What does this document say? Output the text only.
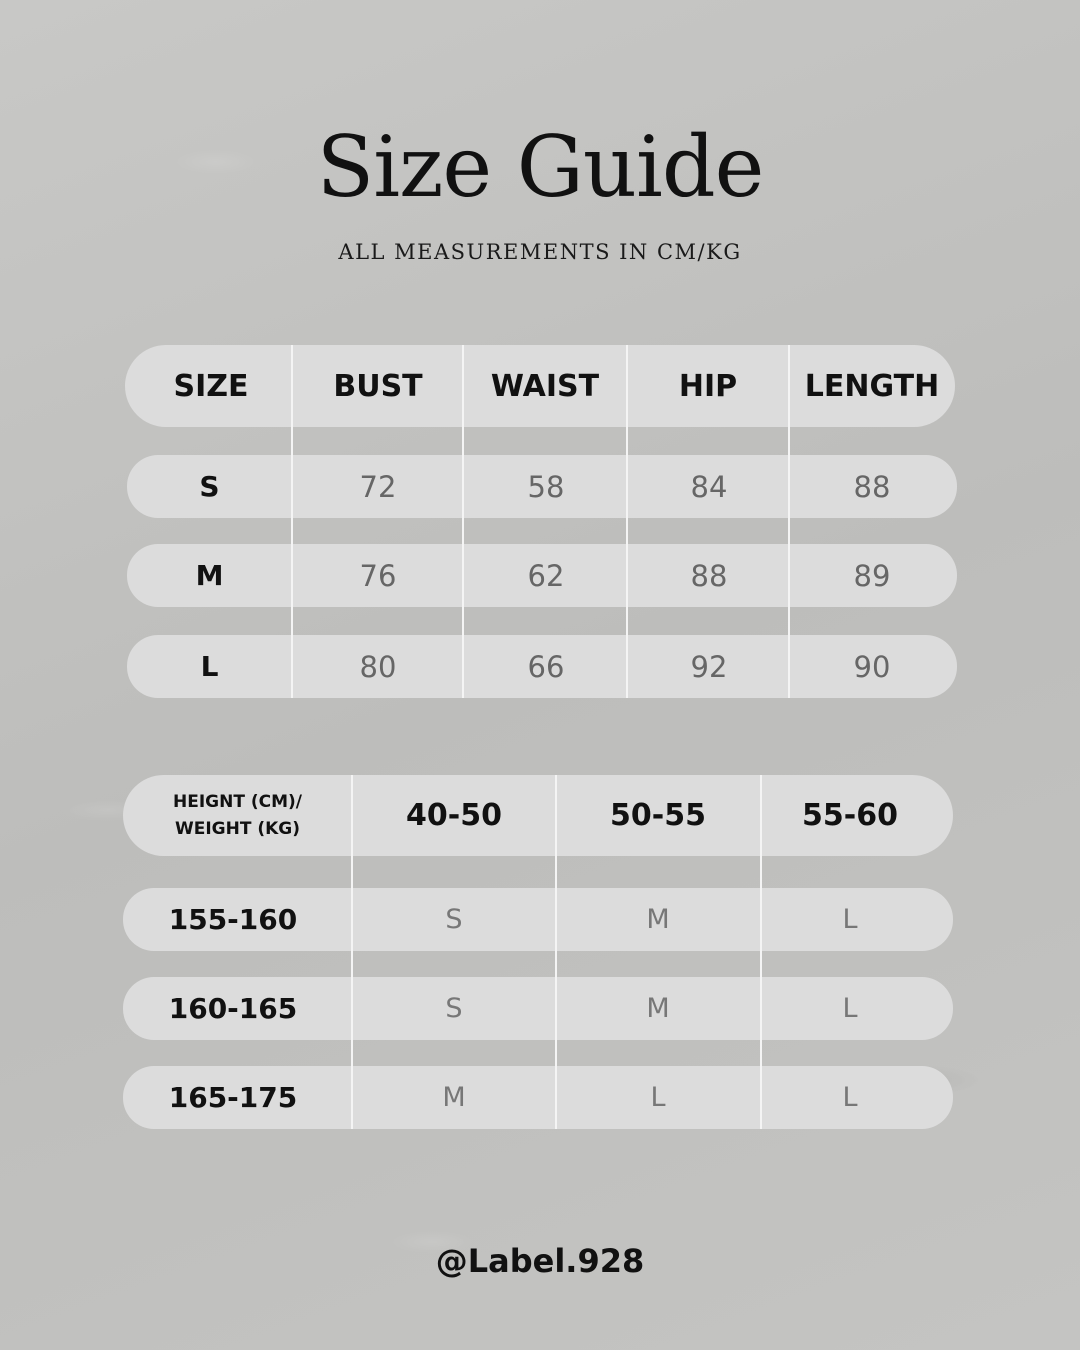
Size Guide
ALL MEASUREMENTS IN CM/KG
SIZE	BUST	WAIST	HIP	LENGTH
S	72	58	84	88
M	76	62	88	89
L	80	66	92	90
HEIGNT (CM)/
WEIGHT (KG)	40-50	50-55	55-60
155-160	S	M	L
160-165	S	M	L
165-175	M	L	L
@Label.928
